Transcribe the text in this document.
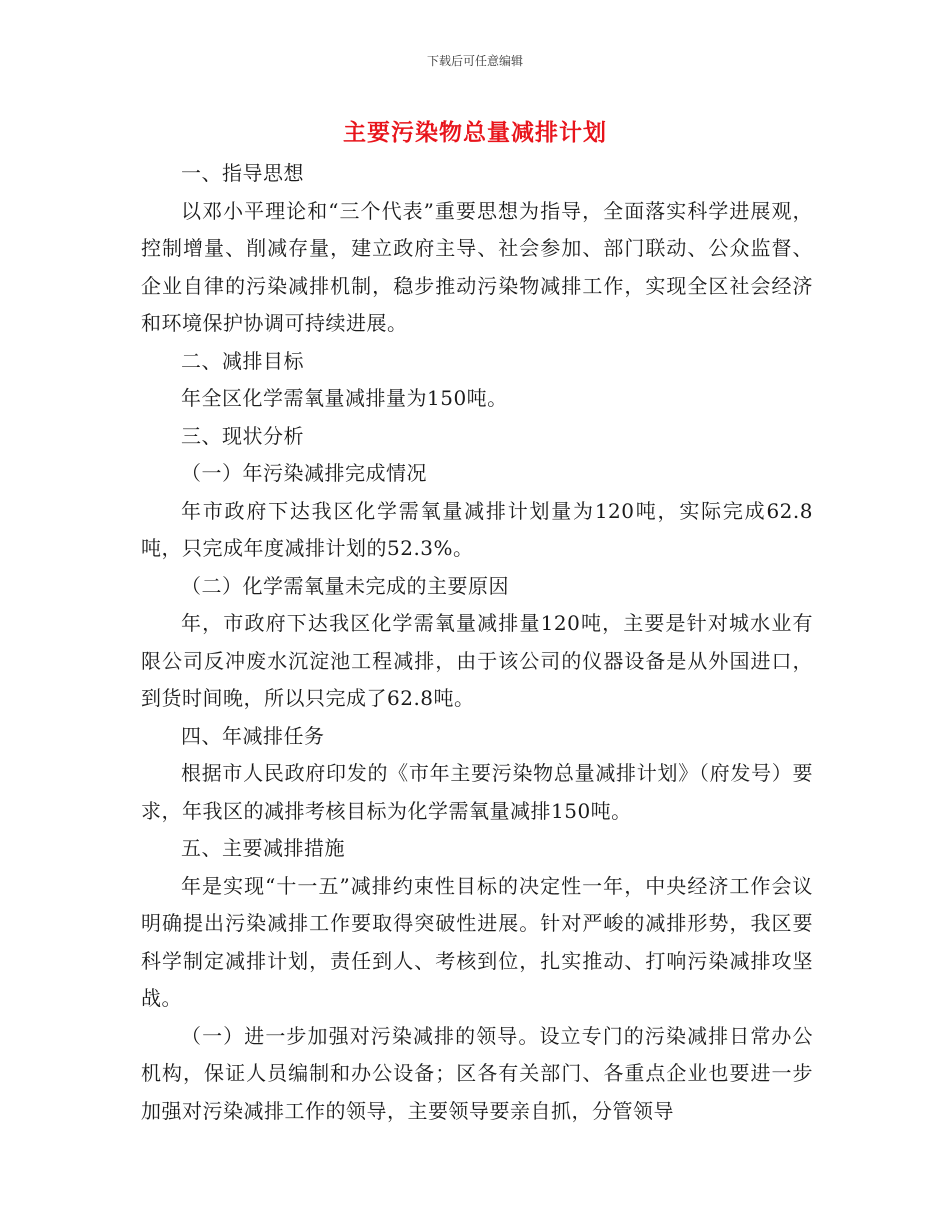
下载后可任意编辑
主要污染物总量减排计划

一、指导思想

以邓小平理论和“三个代表”重要思想为指导，全面落实科学进展观，控制增量、削减存量，建立政府主导、社会参加、部门联动、公众监督、企业自律的污染减排机制，稳步推动污染物减排工作，实现全区社会经济和环境保护协调可持续进展。

二、减排目标

年全区化学需氧量减排量为150吨。

三、现状分析

（一）年污染减排完成情况

年市政府下达我区化学需氧量减排计划量为120吨，实际完成62.8吨，只完成年度减排计划的52.3%。

（二）化学需氧量未完成的主要原因

年，市政府下达我区化学需氧量减排量120吨，主要是针对城水业有限公司反冲废水沉淀池工程减排，由于该公司的仪器设备是从外国进口，到货时间晚，所以只完成了62.8吨。

四、年减排任务

根据市人民政府印发的《市年主要污染物总量减排计划》（府发号）要求，年我区的减排考核目标为化学需氧量减排150吨。

五、主要减排措施

年是实现“十一五”减排约束性目标的决定性一年，中央经济工作会议明确提出污染减排工作要取得突破性进展。针对严峻的减排形势，我区要科学制定减排计划，责任到人、考核到位，扎实推动、打响污染减排攻坚战。

（一）进一步加强对污染减排的领导。设立专门的污染减排日常办公机构，保证人员编制和办公设备；区各有关部门、各重点企业也要进一步加强对污染减排工作的领导，主要领导要亲自抓，分管领导
